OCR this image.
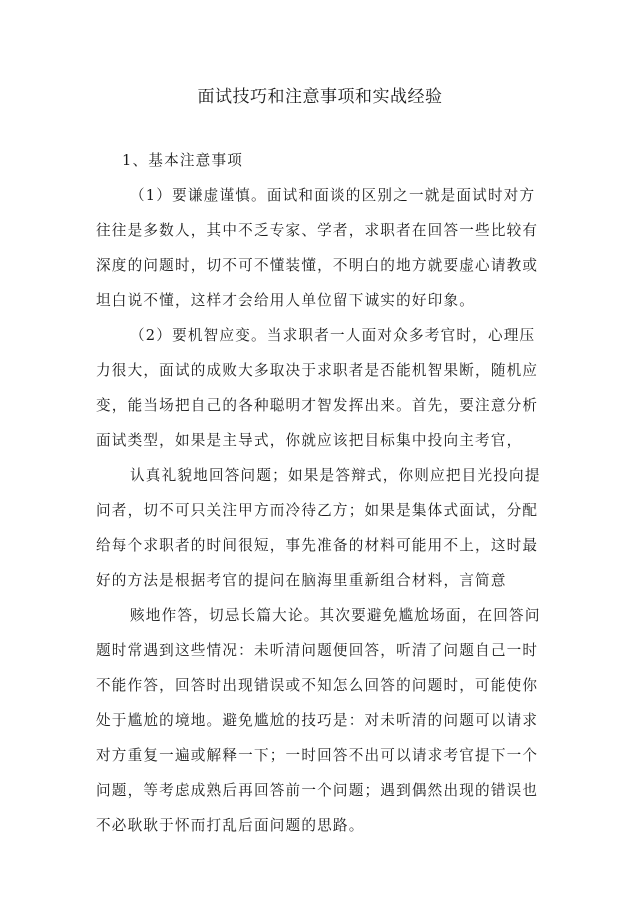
面试技巧和注意事项和实战经验
1、基本注意事项
（1）要谦虚谨慎。面试和面谈的区别之一就是面试时对方
往往是多数人，其中不乏专家、学者，求职者在回答一些比较有
深度的问题时，切不可不懂装懂，不明白的地方就要虚心请教或
坦白说不懂，这样才会给用人单位留下诚实的好印象。
（2）要机智应变。当求职者一人面对众多考官时，心理压
力很大，面试的成败大多取决于求职者是否能机智果断，随机应
变，能当场把自己的各种聪明才智发挥出来。首先，要注意分析
面试类型，如果是主导式，你就应该把目标集中投向主考官，
认真礼貌地回答问题；如果是答辩式，你则应把目光投向提
问者，切不可只关注甲方而冷待乙方；如果是集体式面试，分配
给每个求职者的时间很短，事先准备的材料可能用不上，这时最
好的方法是根据考官的提问在脑海里重新组合材料，言简意
赅地作答，切忌长篇大论。其次要避免尴尬场面，在回答问
题时常遇到这些情况：未听清问题便回答，听清了问题自己一时
不能作答，回答时出现错误或不知怎么回答的问题时，可能使你
处于尴尬的境地。避免尴尬的技巧是：对未听清的问题可以请求
对方重复一遍或解释一下；一时回答不出可以请求考官提下一个
问题，等考虑成熟后再回答前一个问题；遇到偶然出现的错误也
不必耿耿于怀而打乱后面问题的思路。
